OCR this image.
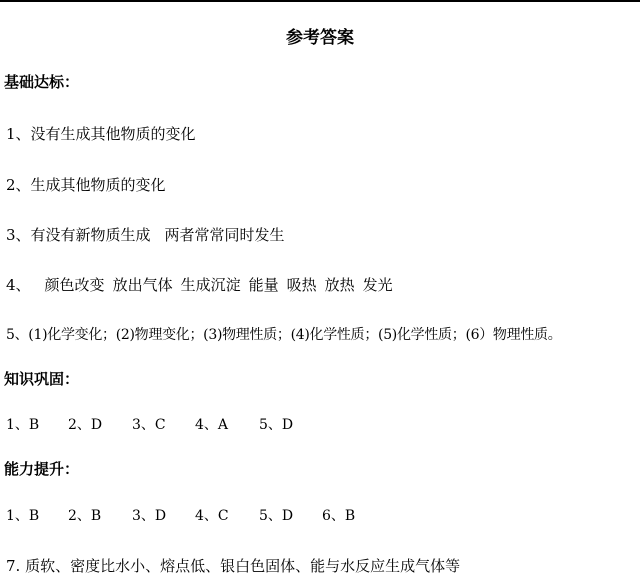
参考答案
基础达标：
1、没有生成其他物质的变化
2、生成其他物质的变化
3、有没有新物质生成 两者常常同时发生
4、 颜色改变 放出气体 生成沉淀 能量 吸热 放热 发光
5、(1)化学变化；(2)物理变化；(3)物理性质；(4)化学性质；(5)化学性质；(6）物理性质。
知识巩固：
1、B 2、D 3、C 4、A 5、D
能力提升：
1、B 2、B 3、D 4、C 5、D 6、B
7. 质软、密度比水小、熔点低、银白色固体、能与水反应生成气体等
